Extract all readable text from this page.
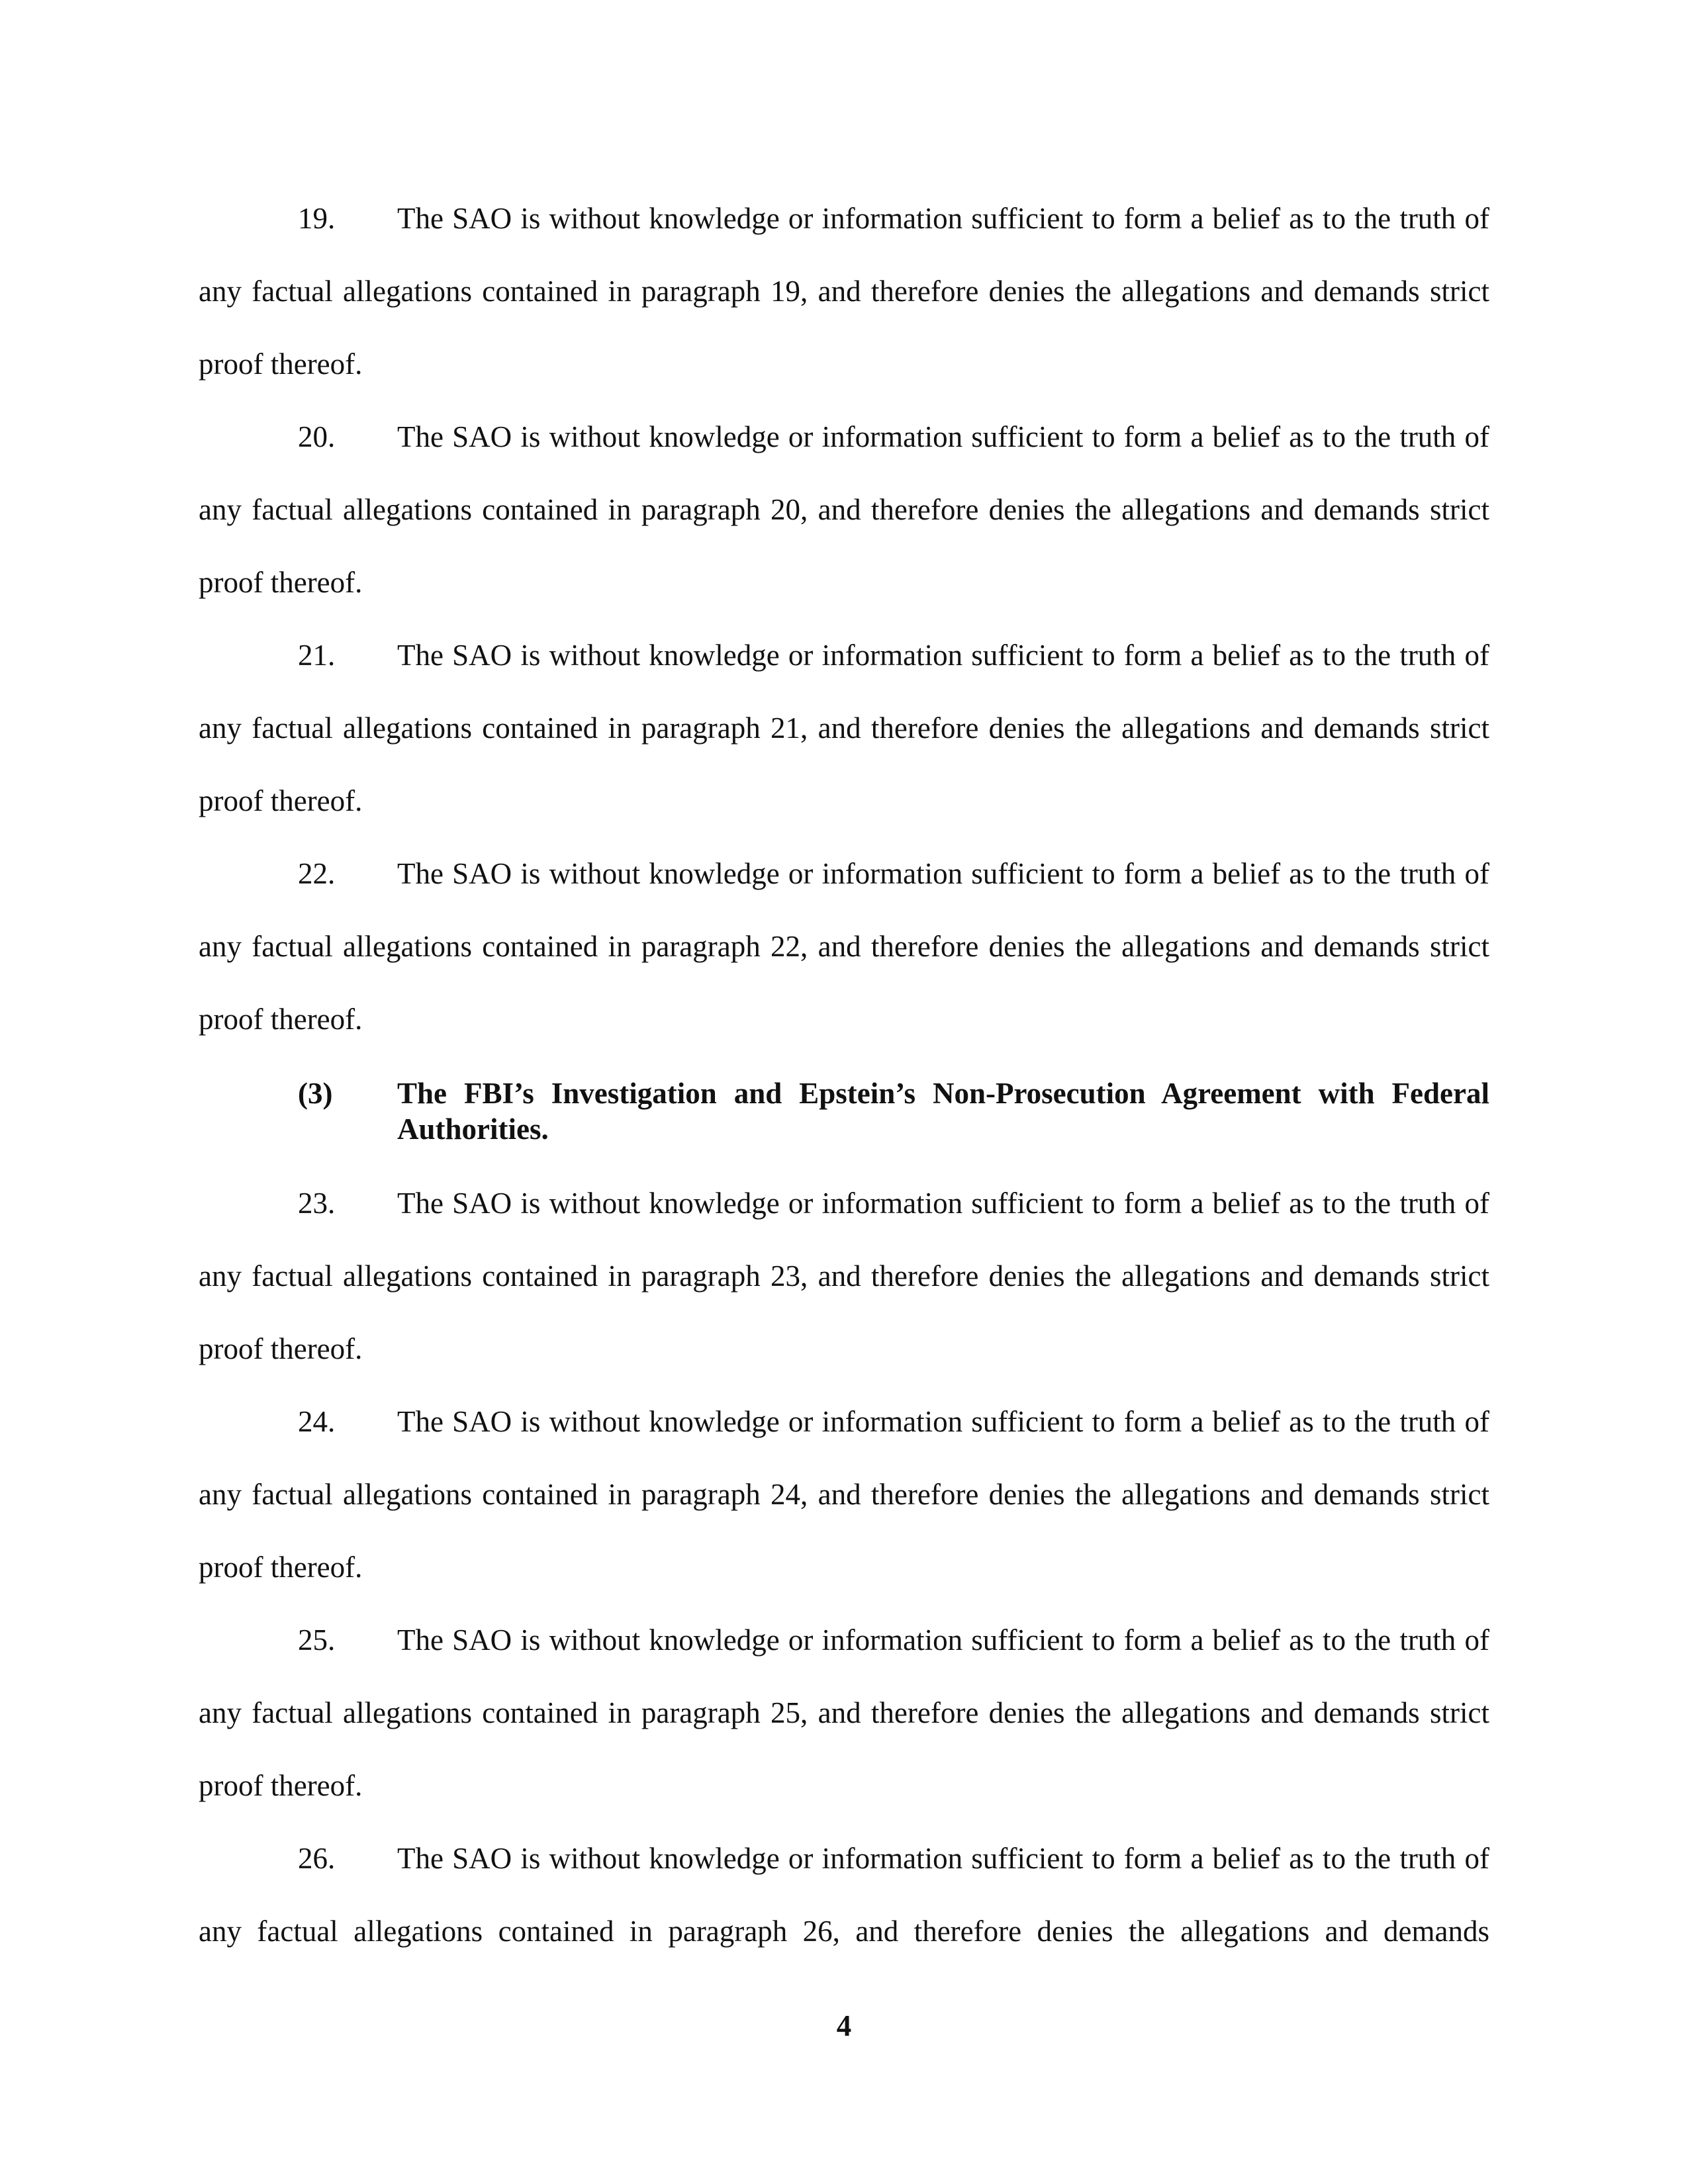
19. The SAO is without knowledge or information sufficient to form a belief as to the truth of any factual allegations contained in paragraph 19, and therefore denies the allegations and demands strict proof thereof.
20. The SAO is without knowledge or information sufficient to form a belief as to the truth of any factual allegations contained in paragraph 20, and therefore denies the allegations and demands strict proof thereof.
21. The SAO is without knowledge or information sufficient to form a belief as to the truth of any factual allegations contained in paragraph 21, and therefore denies the allegations and demands strict proof thereof.
22. The SAO is without knowledge or information sufficient to form a belief as to the truth of any factual allegations contained in paragraph 22, and therefore denies the allegations and demands strict proof thereof.
(3) The FBI’s Investigation and Epstein’s Non-Prosecution Agreement with Federal Authorities.
23. The SAO is without knowledge or information sufficient to form a belief as to the truth of any factual allegations contained in paragraph 23, and therefore denies the allegations and demands strict proof thereof.
24. The SAO is without knowledge or information sufficient to form a belief as to the truth of any factual allegations contained in paragraph 24, and therefore denies the allegations and demands strict proof thereof.
25. The SAO is without knowledge or information sufficient to form a belief as to the truth of any factual allegations contained in paragraph 25, and therefore denies the allegations and demands strict proof thereof.
26. The SAO is without knowledge or information sufficient to form a belief as to the truth of any factual allegations contained in paragraph 26, and therefore denies the allegations and demands
4
